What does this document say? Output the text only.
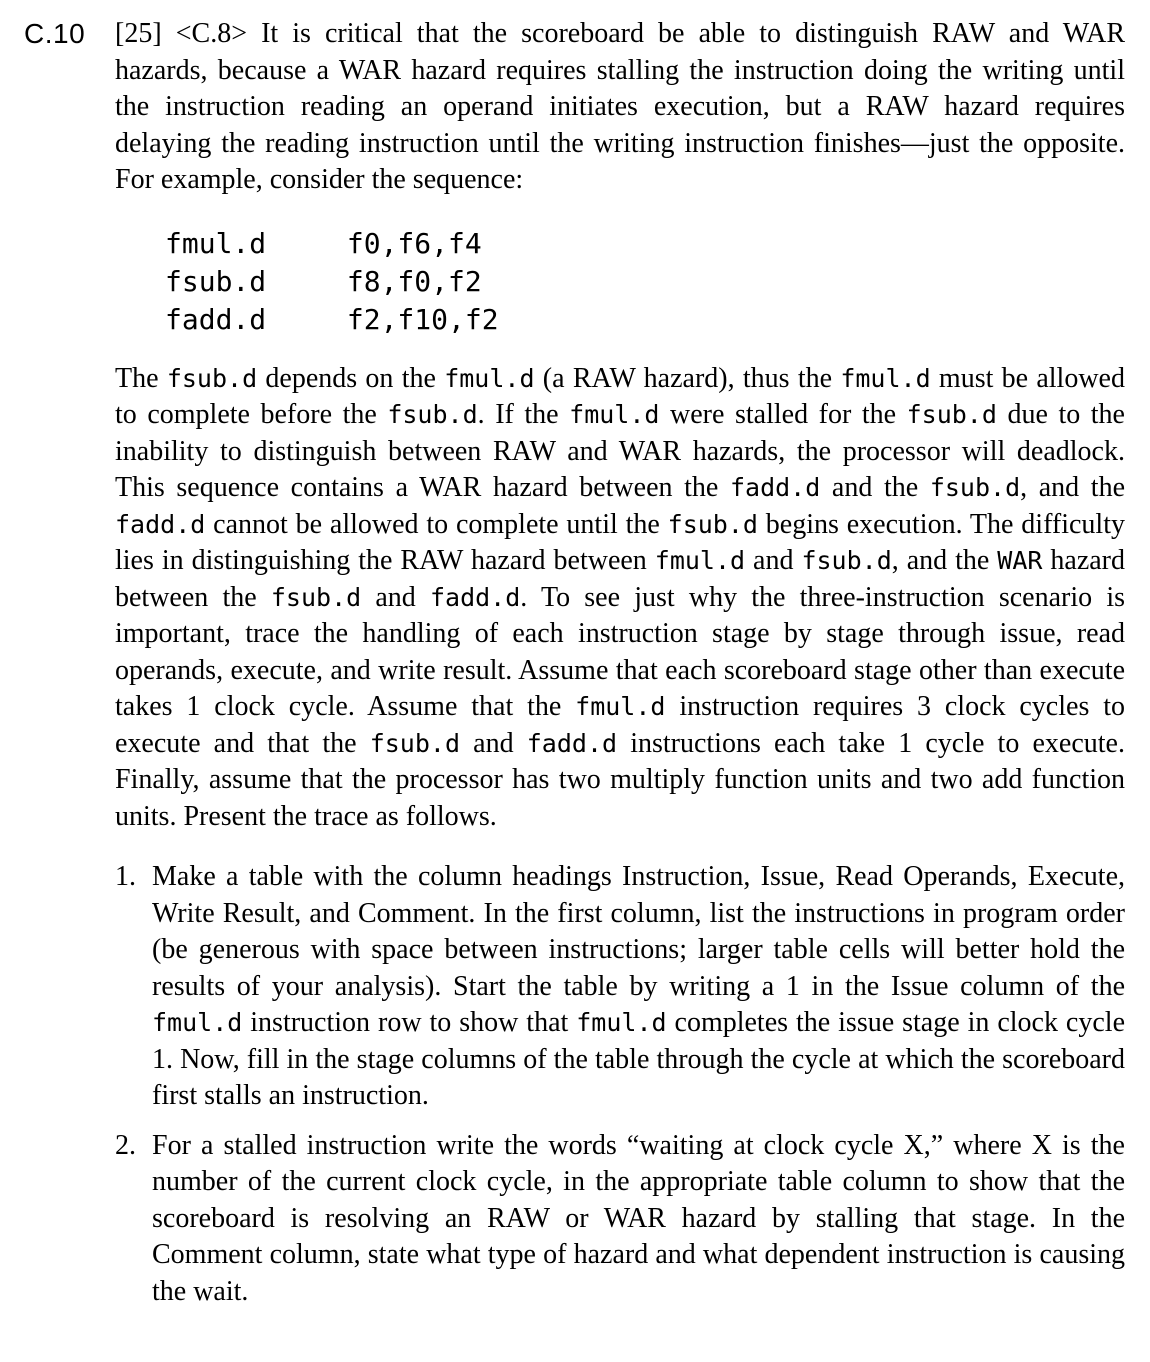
C.10	[25] <C.8> It is critical that the scoreboard be able to distinguish RAW and WAR hazards, because a WAR hazard requires stalling the instruction doing the writing until the instruction reading an operand initiates execution, but a RAW hazard requires delaying the reading instruction until the writing instruction finishes—just the opposite. For example, consider the sequence:

fmul.d	f0,f6,f4
fsub.d	f8,f0,f2
fadd.d	f2,f10,f2

The fsub.d depends on the fmul.d (a RAW hazard), thus the fmul.d must be allowed to complete before the fsub.d. If the fmul.d were stalled for the fsub.d due to the inability to distinguish between RAW and WAR hazards, the processor will deadlock. This sequence contains a WAR hazard between the fadd.d and the fsub.d, and the fadd.d cannot be allowed to complete until the fsub.d begins execution. The difficulty lies in distinguishing the RAW hazard between fmul.d and fsub.d, and the WAR hazard between the fsub.d and fadd.d. To see just why the three-instruction scenario is important, trace the handling of each instruction stage by stage through issue, read operands, execute, and write result. Assume that each scoreboard stage other than execute takes 1 clock cycle. Assume that the fmul.d instruction requires 3 clock cycles to execute and that the fsub.d and fadd.d instructions each take 1 cycle to execute. Finally, assume that the processor has two multiply function units and two add function units. Present the trace as follows.

1. Make a table with the column headings Instruction, Issue, Read Operands, Execute, Write Result, and Comment. In the first column, list the instructions in program order (be generous with space between instructions; larger table cells will better hold the results of your analysis). Start the table by writing a 1 in the Issue column of the fmul.d instruction row to show that fmul.d completes the issue stage in clock cycle 1. Now, fill in the stage columns of the table through the cycle at which the scoreboard first stalls an instruction.
2. For a stalled instruction write the words “waiting at clock cycle X,” where X is the number of the current clock cycle, in the appropriate table column to show that the scoreboard is resolving an RAW or WAR hazard by stalling that stage. In the Comment column, state what type of hazard and what dependent instruction is causing the wait.
